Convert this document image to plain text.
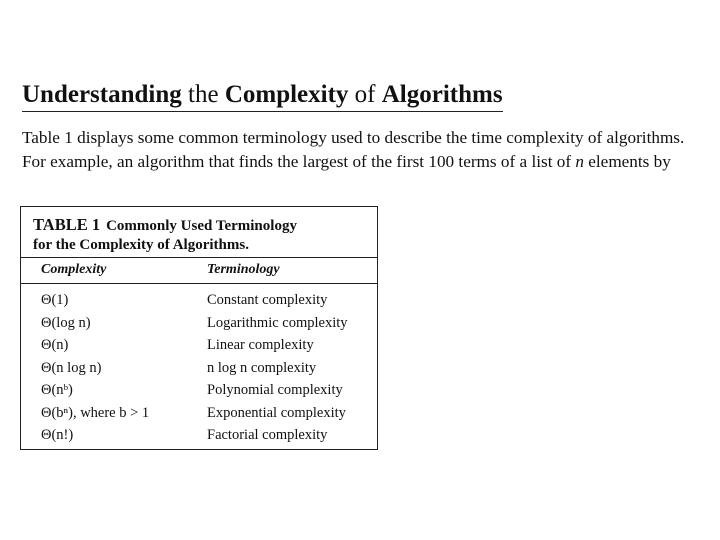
Understanding the Complexity of Algorithms
Table 1 displays some common terminology used to describe the time complexity of algorithms.
For example, an algorithm that finds the largest of the first 100 terms of a list of n elements by
TABLE 1 Commonly Used Terminology
for the Complexity of Algorithms.
Complexity	Terminology
Θ(1)	Constant complexity
Θ(log n)	Logarithmic complexity
Θ(n)	Linear complexity
Θ(n log n)	n log n complexity
Θ(nᵇ)	Polynomial complexity
Θ(bⁿ), where b > 1	Exponential complexity
Θ(n!)	Factorial complexity
